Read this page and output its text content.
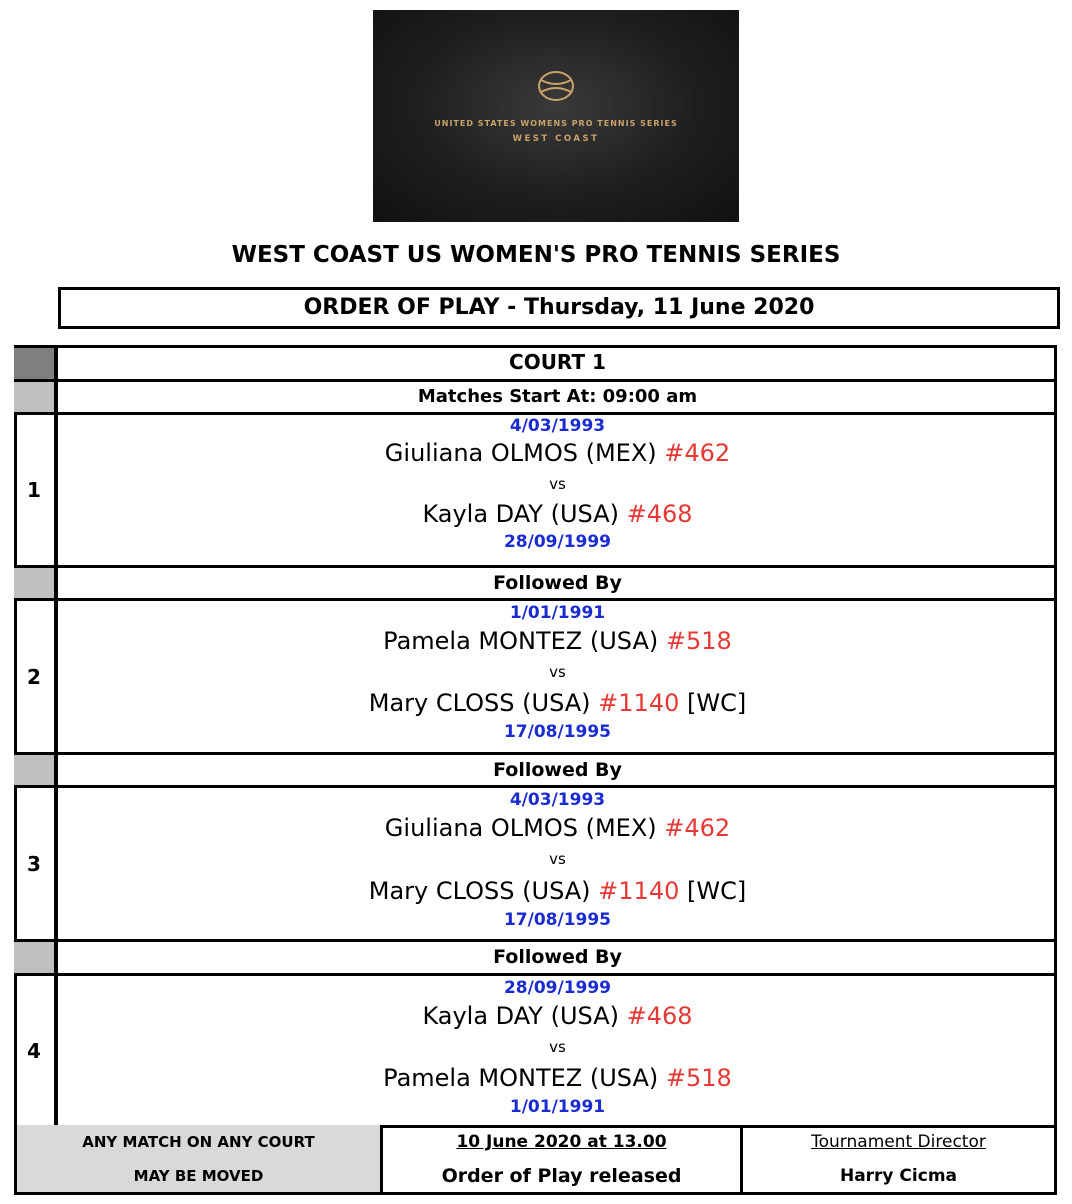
UNITED STATES WOMENS PRO TENNIS SERIES
WEST COAST
WEST COAST US WOMEN'S PRO TENNIS SERIES
ORDER OF PLAY - Thursday, 11 June 2020
COURT 1
Matches Start At: 09:00 am
1
4/03/1993
Giuliana OLMOS (MEX) #462
vs
Kayla DAY (USA) #468
28/09/1999
Followed By
2
1/01/1991
Pamela MONTEZ (USA) #518
vs
Mary CLOSS (USA) #1140 [WC]
17/08/1995
Followed By
3
4/03/1993
Giuliana OLMOS (MEX) #462
vs
Mary CLOSS (USA) #1140 [WC]
17/08/1995
Followed By
4
28/09/1999
Kayla DAY (USA) #468
vs
Pamela MONTEZ (USA) #518
1/01/1991
ANY MATCH ON ANY COURT
MAY BE MOVED
10 June 2020 at 13.00
Order of Play released
Tournament Director
Harry Cicma
